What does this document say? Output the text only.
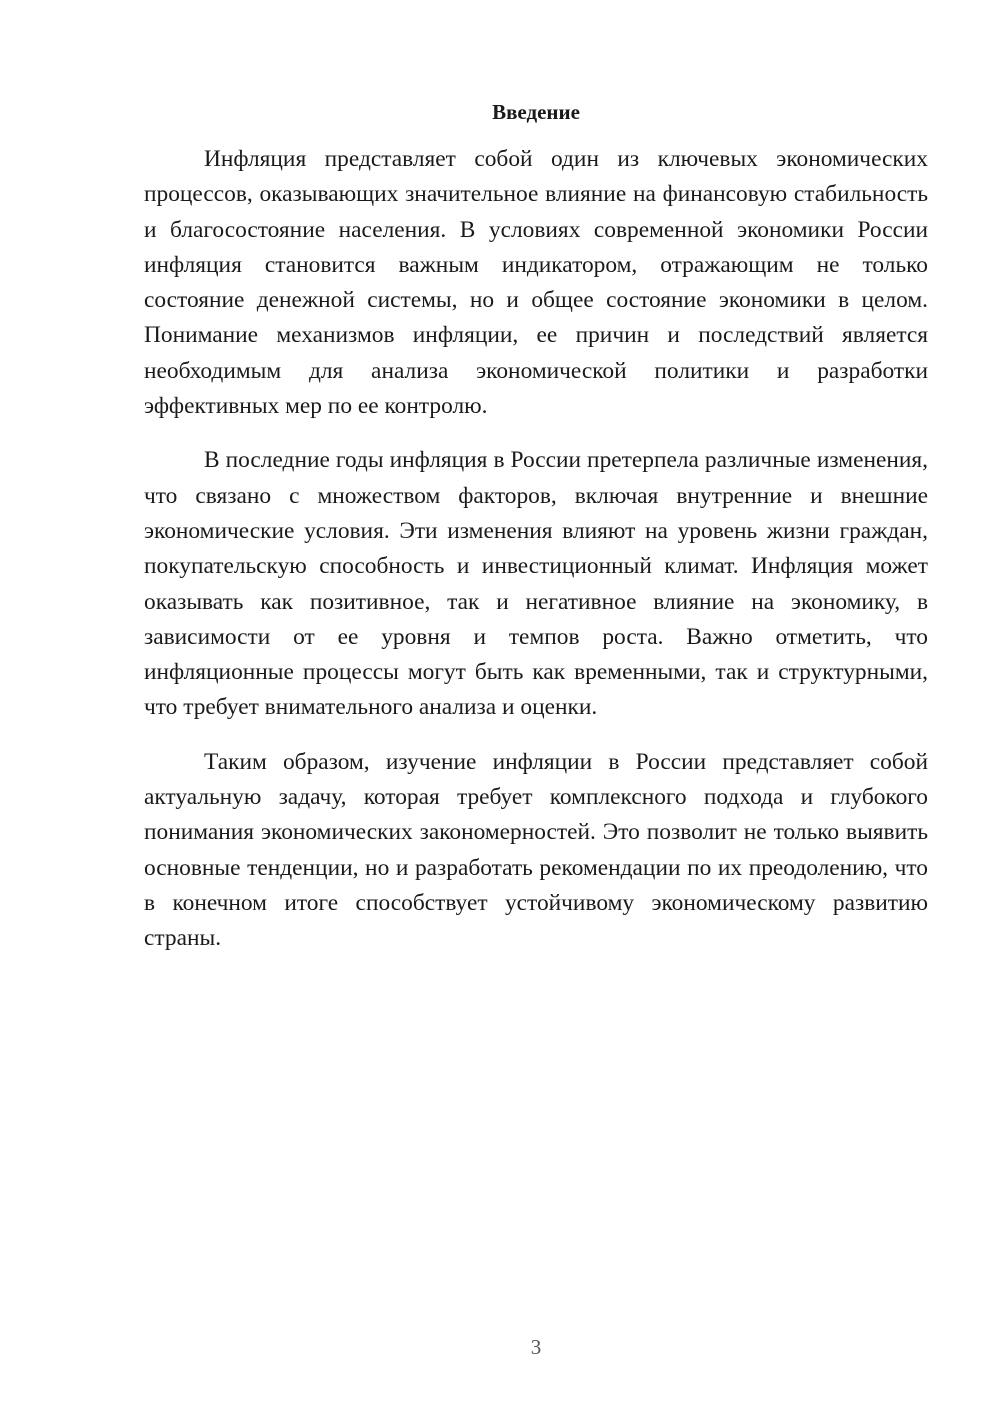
Введение

Инфляция представляет собой один из ключевых экономических процессов, оказывающих значительное влияние на финансовую стабильность и благосостояние населения. В условиях современной экономики России инфляция становится важным индикатором, отражающим не только состояние денежной системы, но и общее состояние экономики в целом. Понимание механизмов инфляции, ее причин и последствий является необходимым для анализа экономической политики и разработки эффективных мер по ее контролю.

В последние годы инфляция в России претерпела различные изменения, что связано с множеством факторов, включая внутренние и внешние экономические условия. Эти изменения влияют на уровень жизни граждан, покупательскую способность и инвестиционный климат. Инфляция может оказывать как позитивное, так и негативное влияние на экономику, в зависимости от ее уровня и темпов роста. Важно отметить, что инфляционные процессы могут быть как временными, так и структурными, что требует внимательного анализа и оценки.

Таким образом, изучение инфляции в России представляет собой актуальную задачу, которая требует комплексного подхода и глубокого понимания экономических закономерностей. Это позволит не только выявить основные тенденции, но и разработать рекомендации по их преодолению, что в конечном итоге способствует устойчивому экономическому развитию страны.

3
